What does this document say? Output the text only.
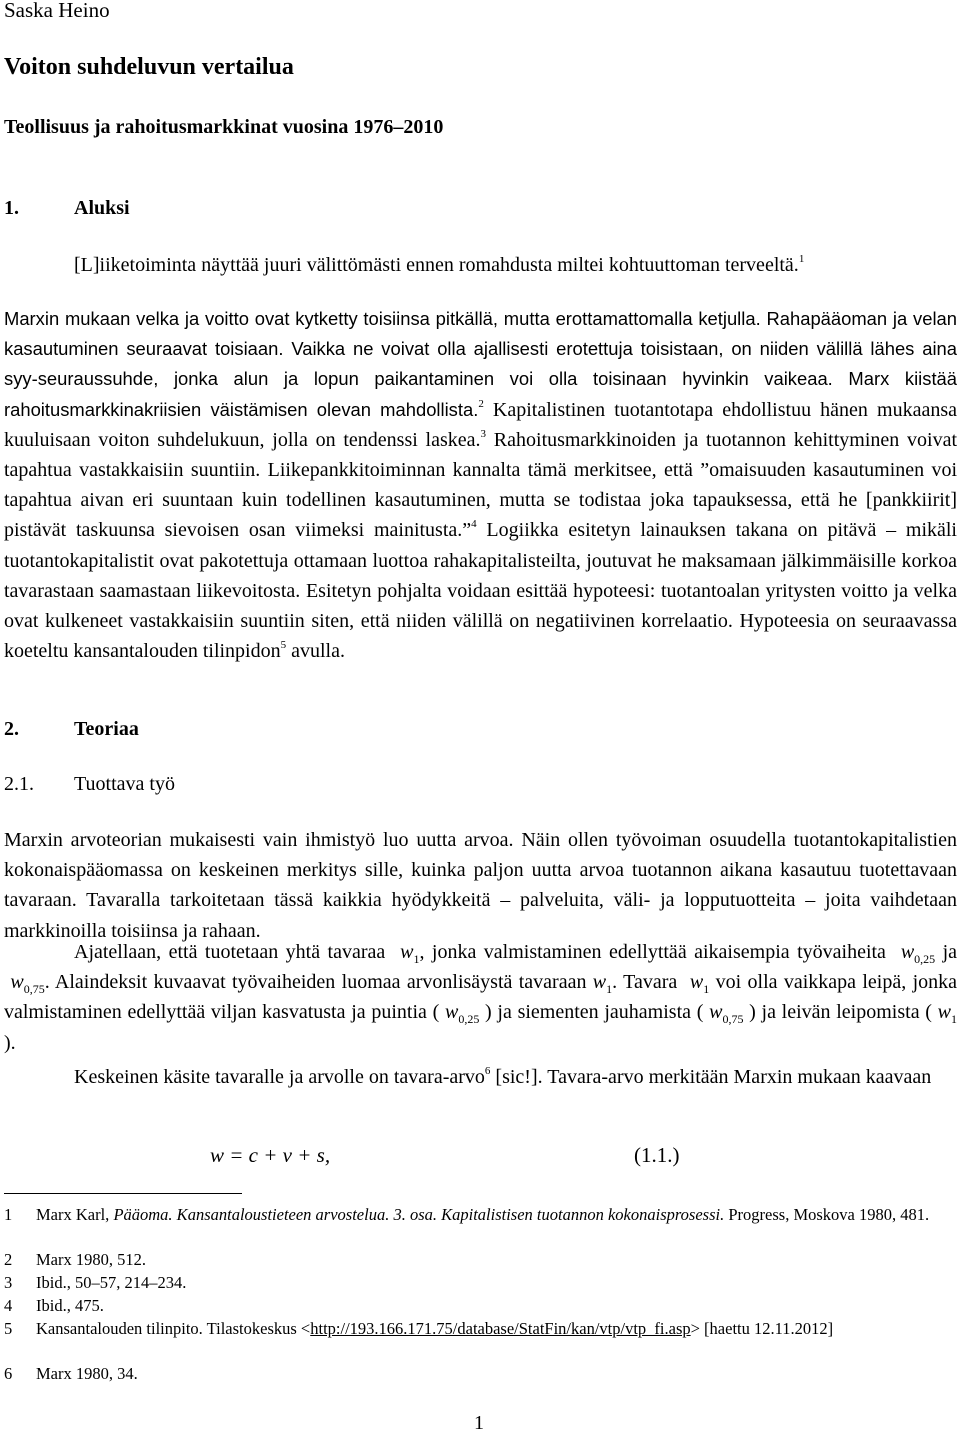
Saska Heino
Voiton suhdeluvun vertailua
Teollisuus ja rahoitusmarkkinat vuosina 1976–2010
1.	Aluksi
[L]iiketoiminta näyttää juuri välittömästi ennen romahdusta miltei kohtuuttoman terveeltä.$^1$
Marxin mukaan velka ja voitto ovat kytketty toisiinsa pitkällä, mutta erottamattomalla ketjulla. Rahapääoman ja velan kasautuminen seuraavat toisiaan. Vaikka ne voivat olla ajallisesti erotettuja toisistaan, on niiden välillä lähes aina syy-seuraussuhde, jonka alun ja lopun paikantaminen voi olla toisinaan hyvinkin vaikeaa. Marx kiistää rahoitusmarkkinakriisien väistämisen olevan mahdollista.$^2$ Kapitalistinen tuotantotapa ehdollistuu hänen mukaansa kuuluisaan voiton suhdelukuun, jolla on tendenssi laskea.$^3$ Rahoitusmarkkinoiden ja tuotannon kehittyminen voivat tapahtua vastakkaisiin suuntiin. Liikepankkitoiminnan kannalta tämä merkitsee, että ”omaisuuden kasautuminen voi tapahtua aivan eri suuntaan kuin todellinen kasautuminen, mutta se todistaa joka tapauksessa, että he [pankkiirit] pistävät taskuunsa sievoisen osan viimeksi mainitusta.”$^4$ Logiikka esitetyn lainauksen takana on pitävä – mikäli tuotantokapitalistit ovat pakotettuja ottamaan luottoa rahakapitalisteilta, joutuvat he maksamaan jälkimmäisille korkoa tavarastaan saamastaan liikevoitosta. Esitetyn pohjalta voidaan esittää hypoteesi: tuotantoalan yritysten voitto ja velka ovat kulkeneet vastakkaisiin suuntiin siten, että niiden välillä on negatiivinen korrelaatio. Hypoteesia on seuraavassa koeteltu kansantalouden tilinpidon$^5$ avulla.
2.	Teoriaa
2.1. Tuottava työ
Marxin arvoteorian mukaisesti vain ihmistyö luo uutta arvoa. Näin ollen työvoiman osuudella tuotantokapitalistien kokonaispääomassa on keskeinen merkitys sille, kuinka paljon uutta arvoa tuotannon aikana kasautuu tuotettavaan tavaraan. Tavaralla tarkoitetaan tässä kaikkia hyödykkeitä – palveluita, väli- ja lopputuotteita – joita vaihdetaan markkinoilla toisiinsa ja rahaan.
Ajatellaan, että tuotetaan yhtä tavaraa $w_1$, jonka valmistaminen edellyttää aikaisempia työvaiheita $w_{0,25}$ ja  $w_{0,75}$. Alaindeksit kuvaavat työvaiheiden luomaa arvonlisäystä tavaraan $w_1$. Tavara $w_1$ voi olla vaikkapa leipä, jonka valmistaminen edellyttää viljan kasvatusta ja puintia ( $w_{0,25}$ ) ja siementen jauhamista ( $w_{0,75}$ ) ja leivän leipomista ( $w_1$ ).
Keskeinen käsite tavaralle ja arvolle on tavara-arvo$^6$ [sic!]. Tavara-arvo merkitään Marxin mukaan kaavaan
w = c + v + s,	(1.1.)
1 Marx Karl, Pääoma. Kansantaloustieteen arvostelua. 3. osa. Kapitalistisen tuotannon kokonaisprosessi. Progress, Moskova 1980, 481.
2 Marx 1980, 512.
3 Ibid., 50–57, 214–234.
4 Ibid., 475.
5 Kansantalouden tilinpito. Tilastokeskus <http://193.166.171.75/database/StatFin/kan/vtp/vtp_fi.asp> [haettu 12.11.2012]
6 Marx 1980, 34.
1
